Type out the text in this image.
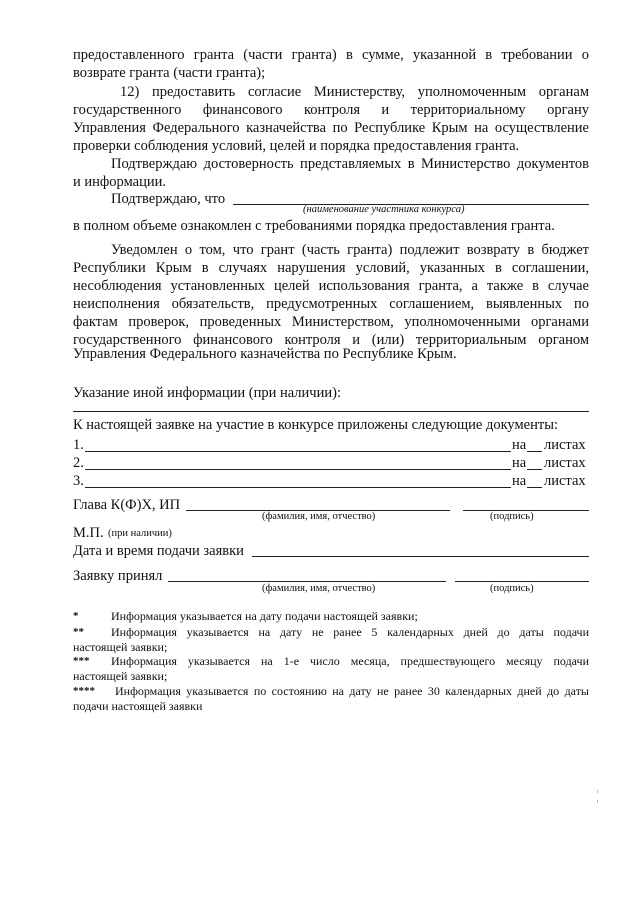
предоставленного гранта (части гранта) в сумме, указанной в требовании о
возврате гранта (части гранта);
12) предоставить согласие Министерству, уполномоченным органам
государственного финансового контроля и территориальному органу
Управления Федерального казначейства по Республике Крым на осуществление
проверки соблюдения условий, целей и порядка предоставления гранта.
Подтверждаю достоверность представляемых в Министерство документов
и информации.
Подтверждаю, что
(наименование участника конкурса)
в полном объеме ознакомлен с требованиями порядка предоставления гранта.
Уведомлен о том, что грант (часть гранта) подлежит возврату в бюджет
Республики Крым в случаях нарушения условий, указанных в соглашении,
несоблюдения установленных целей использования гранта, а также в случае
неисполнения обязательств, предусмотренных соглашением, выявленных по
фактам проверок, проведенных Министерством, уполномоченными органами
государственного финансового контроля и (или) территориальным органом
Управления Федерального казначейства по Республике Крым.
Указание иной информации (при наличии):
К настоящей заявке на участие в конкурсе приложены следующие документы:
1.	на листах
2.	на листах
3.	на листах
Глава К(Ф)Х, ИП
(фамилия, имя, отчество)	(подпись)
М.П. (при наличии)
Дата и время подачи заявки
Заявку принял
(фамилия, имя, отчество)	(подпись)
*	Информация указывается на дату подачи настоящей заявки;
** Информация указывается на дату не ранее 5 календарных дней до даты подачи
настоящей заявки;
*** Информация указывается на 1-е число месяца, предшествующего месяцу подачи
настоящей заявки;
**** Информация указывается по состоянию на дату не ранее 30 календарных дней до даты
подачи настоящей заявки
